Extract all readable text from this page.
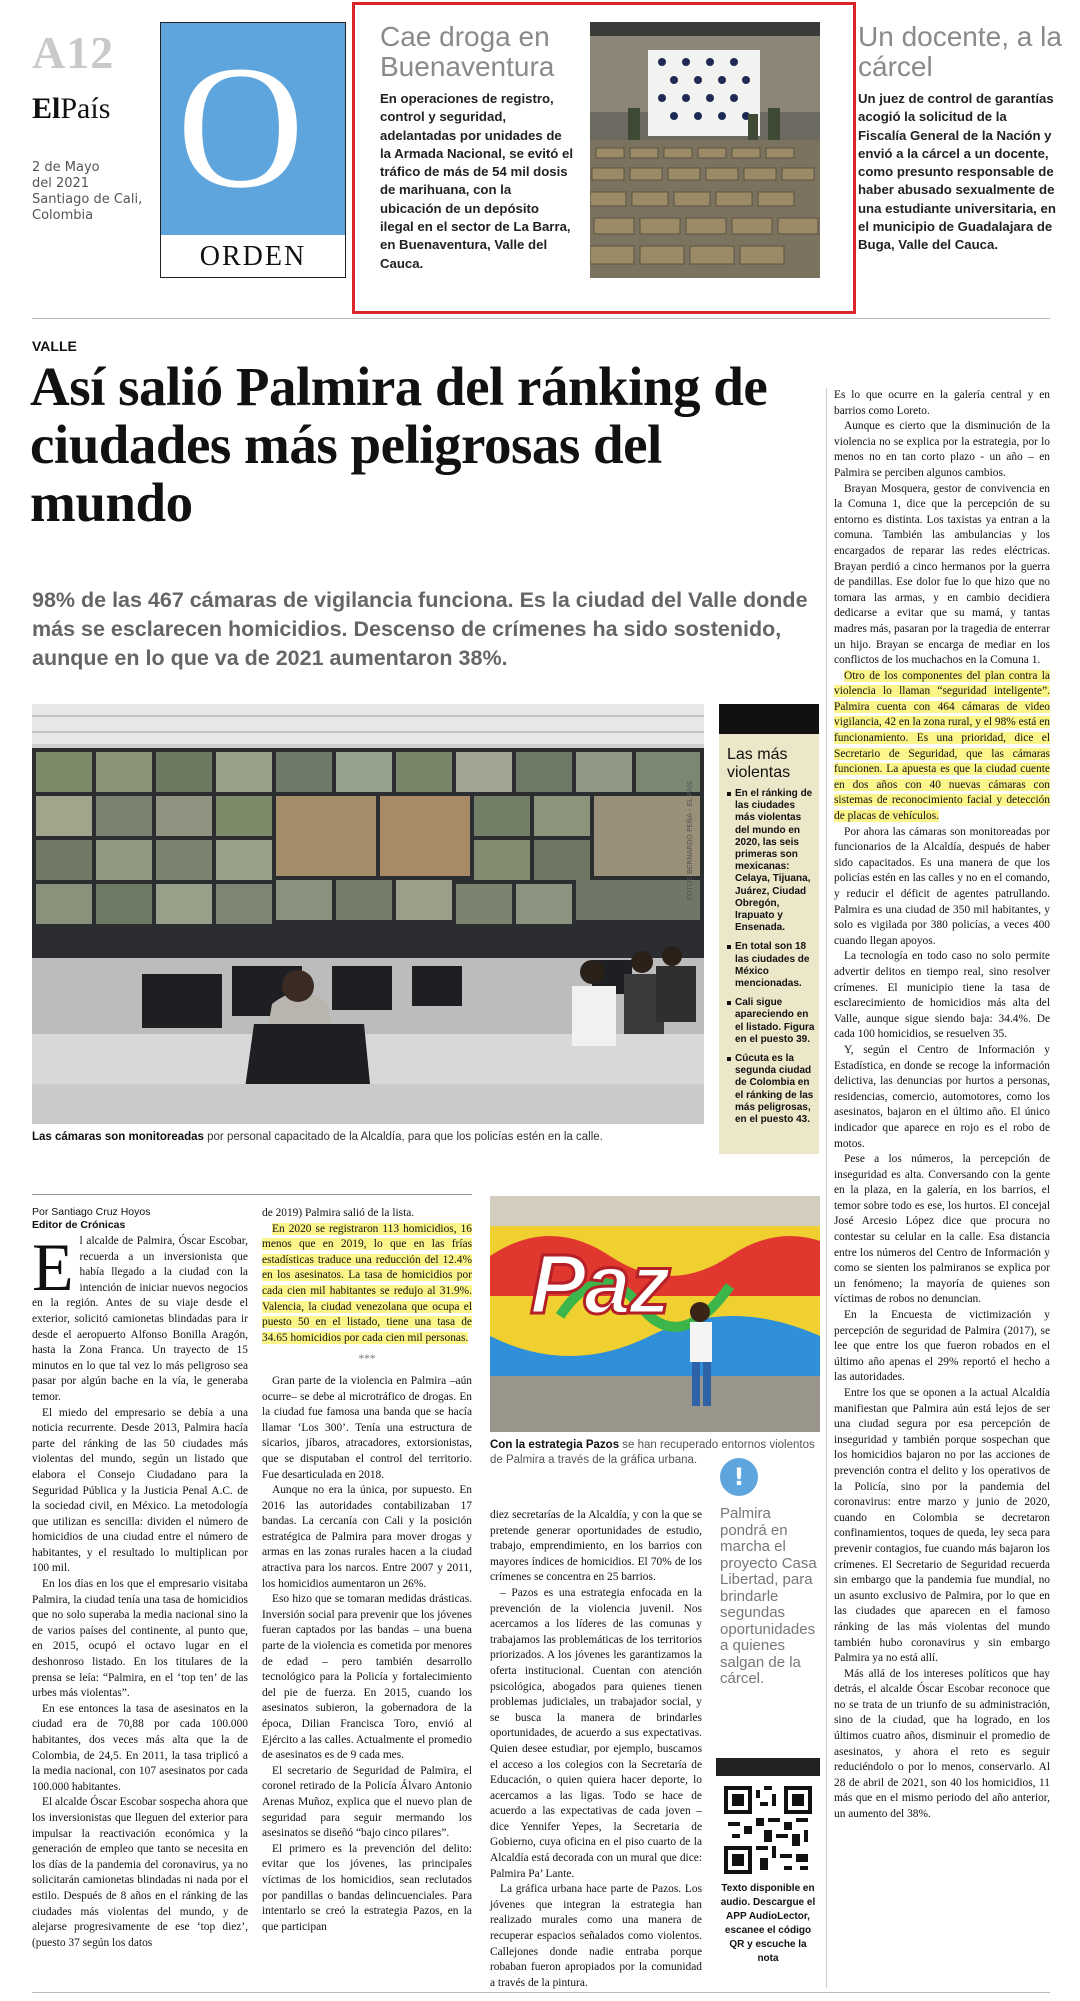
A12
ElPaís
2 de Mayo
del 2021
Santiago de Cali,
Colombia O
ORDEN
Cae droga en Buenaventura
En operaciones de registro, control y seguridad, adelantadas por unidades de la Armada Nacional, se evitó el tráfico de más de 54 mil dosis de marihuana, con la ubicación de un depósito ilegal en el sector de La Barra, en Buenaventura, Valle del Cauca.
Un docente, a la cárcel
Un juez de control de garantías acogió la solicitud de la Fiscalía General de la Nación y envió a la cárcel a un docente, como presunto responsable de haber abusado sexualmente de una estudiante universitaria, en el municipio de Guadalajara de Buga, Valle del Cauca.
VALLE
Así salió Palmira del ránking de ciudades más peligrosas del mundo
98% de las 467 cámaras de vigilancia funciona. Es la ciudad del Valle donde más se esclarecen homicidios. Descenso de crímenes ha sido sostenido, aunque en lo que va de 2021 aumentaron 38%.
FOTOS BERNARDO PEÑA - EL PAÍS
Las cámaras son monitoreadas por personal capacitado de la Alcaldía, para que los policías estén en la calle.
Las más violentas
En el ránking de las ciudades más violentas del mundo en 2020, las seis primeras son mexicanas: Celaya, Tijuana, Juárez, Ciudad Obregón, Irapuato y Ensenada.
En total son 18 las ciudades de México mencionadas.
Cali sigue apareciendo en el listado. Figura en el puesto 39.
Cúcuta es la segunda ciudad de Colombia en el ránking de las más peligrosas, en el puesto 43.
Por Santiago Cruz Hoyos
Editor de Crónicas

El alcalde de Palmira, Óscar Escobar, recuerda a un inversionista que había llegado a la ciudad con la intención de iniciar nuevos negocios en la región. Antes de su viaje desde el exterior, solicitó camionetas blindadas para ir desde el aeropuerto Alfonso Bonilla Aragón, hasta la Zona Franca. Un trayecto de 15 minutos en lo que tal vez lo más peligroso sea pasar por algún bache en la vía, le generaba temor.

El miedo del empresario se debía a una noticia recurrente. Desde 2013, Palmira hacía parte del ránking de las 50 ciudades más violentas del mundo, según un listado que elabora el Consejo Ciudadano para la Seguridad Pública y la Justicia Penal A.C. de la sociedad civil, en México. La metodología que utilizan es sencilla: dividen el número de homicidios de una ciudad entre el número de habitantes, y el resultado lo multiplican por 100 mil.

En los días en los que el empresario visitaba Palmira, la ciudad tenía una tasa de homicidios que no solo superaba la media nacional sino la de varios países del continente, al punto que, en 2015, ocupó el octavo lugar en el deshonroso listado. En los titulares de la prensa se leía: “Palmira, en el ‘top ten’ de las urbes más violentas”.

En ese entonces la tasa de asesinatos en la ciudad era de 70,88 por cada 100.000 habitantes, dos veces más alta que la de Colombia, de 24,5. En 2011, la tasa triplicó a la media nacional, con 107 asesinatos por cada 100.000 habitantes.

El alcalde Óscar Escobar sospecha ahora que los inversionistas que lleguen del exterior para impulsar la reactivación económica y la generación de empleo que tanto se necesita en los días de la pandemia del coronavirus, ya no solicitarán camionetas blindadas ni nada por el estilo. Después de 8 años en el ránking de las ciudades más violentas del mundo, y de alejarse progresivamente de ese ‘top diez’, (puesto 37 según los datos

de 2019) Palmira salió de la lista.

En 2020 se registraron 113 homicidios, 16 menos que en 2019, lo que en las frías estadísticas traduce una reducción del 12.4% en los asesinatos. La tasa de homicidios por cada cien mil habitantes se redujo al 31.9%. Valencia, la ciudad venezolana que ocupa el puesto 50 en el listado, tiene una tasa de 34.65 homicidios por cada cien mil personas.

***

Gran parte de la violencia en Palmira –aún ocurre– se debe al microtráfico de drogas. En la ciudad fue famosa una banda que se hacía llamar ‘Los 300’. Tenía una estructura de sicarios, jíbaros, atracadores, extorsionistas, que se disputaban el control del territorio. Fue desarticulada en 2018.

Aunque no era la única, por supuesto. En 2016 las autoridades contabilizaban 17 bandas. La cercanía con Cali y la posición estratégica de Palmira para mover drogas y armas en las zonas rurales hacen a la ciudad atractiva para los narcos. Entre 2007 y 2011, los homicidios aumentaron un 26%.

Eso hizo que se tomaran medidas drásticas. Inversión social para prevenir que los jóvenes fueran captados por las bandas – una buena parte de la violencia es cometida por menores de edad – pero también desarrollo tecnológico para la Policía y fortalecimiento del pie de fuerza. En 2015, cuando los asesinatos subieron, la gobernadora de la época, Dilian Francisca Toro, envió al Ejército a las calles. Actualmente el promedio de asesinatos es de 9 cada mes.

El secretario de Seguridad de Palmira, el coronel retirado de la Policía Álvaro Antonio Arenas Muñoz, explica que el nuevo plan de seguridad para seguir mermando los asesinatos se diseñó “bajo cinco pilares”.

El primero es la prevención del delito: evitar que los jóvenes, las principales víctimas de los homicidios, sean reclutados por pandillas o bandas delincuenciales. Para intentarlo se creó la estrategia Pazos, en la que participan

Paz
Con la estrategia Pazos se han recuperado entornos violentos de Palmira a través de la gráfica urbana.

diez secretarías de la Alcaldía, y con la que se pretende generar oportunidades de estudio, trabajo, emprendimiento, en los barrios con mayores índices de homicidios. El 70% de los crímenes se concentra en 25 barrios.

– Pazos es una estrategia enfocada en la prevención de la violencia juvenil. Nos acercamos a los líderes de las comunas y trabajamos las problemáticas de los territorios priorizados. A los jóvenes les garantizamos la oferta institucional. Cuentan con atención psicológica, abogados para quienes tienen problemas judiciales, un trabajador social, y se busca la manera de brindarles oportunidades, de acuerdo a sus expectativas. Quien desee estudiar, por ejemplo, buscamos el acceso a los colegios con la Secretaría de Educación, o quien quiera hacer deporte, lo acercamos a las ligas. Todo se hace de acuerdo a las expectativas de cada joven – dice Yennifer Yepes, la Secretaria de Gobierno, cuya oficina en el piso cuarto de la Alcaldía está decorada con un mural que dice: Palmira Pa’ Lante.

La gráfica urbana hace parte de Pazos. Los jóvenes que integran la estrategia han realizado murales como una manera de recuperar espacios señalados como violentos. Callejones donde nadie entraba porque robaban fueron apropiados por la comunidad a través de la pintura.

!
Palmira pondrá en marcha el proyecto Casa Libertad, para brindarle segundas oportunidades a quienes salgan de la cárcel.
Texto disponible en audio. Descargue el APP AudioLector, escanee el código QR y escuche la nota

Es lo que ocurre en la galería central y en barrios como Loreto.

Aunque es cierto que la disminución de la violencia no se explica por la estrategia, por lo menos no en tan corto plazo - un año – en Palmira se perciben algunos cambios.

Brayan Mosquera, gestor de convivencia en la Comuna 1, dice que la percepción de su entorno es distinta. Los taxistas ya entran a la comuna. También las ambulancias y los encargados de reparar las redes eléctricas. Brayan perdió a cinco hermanos por la guerra de pandillas. Ese dolor fue lo que hizo que no tomara las armas, y en cambio decidiera dedicarse a evitar que su mamá, y tantas madres más, pasaran por la tragedia de enterrar un hijo. Brayan se encarga de mediar en los conflictos de los muchachos en la Comuna 1.

Otro de los componentes del plan contra la violencia lo llaman “seguridad inteligente”. Palmira cuenta con 464 cámaras de video vigilancia, 42 en la zona rural, y el 98% está en funcionamiento. Es una prioridad, dice el Secretario de Seguridad, que las cámaras funcionen. La apuesta es que la ciudad cuente en dos años con 40 nuevas cámaras con sistemas de reconocimiento facial y detección de placas de vehículos.

Por ahora las cámaras son monitoreadas por funcionarios de la Alcaldía, después de haber sido capacitados. Es una manera de que los policías estén en las calles y no en el comando, y reducir el déficit de agentes patrullando. Palmira es una ciudad de 350 mil habitantes, y solo es vigilada por 380 policías, a veces 400 cuando llegan apoyos.

La tecnología en todo caso no solo permite advertir delitos en tiempo real, sino resolver crímenes. El municipio tiene la tasa de esclarecimiento de homicidios más alta del Valle, aunque sigue siendo baja: 34.4%. De cada 100 homicidios, se resuelven 35.

Y, según el Centro de Información y Estadística, en donde se recoge la información delictiva, las denuncias por hurtos a personas, residencias, comercio, automotores, como los asesinatos, bajaron en el último año. El único indicador que aparece en rojo es el robo de motos.

Pese a los números, la percepción de inseguridad es alta. Conversando con la gente en la plaza, en la galería, en los barrios, el temor sobre todo es ese, los hurtos. El concejal José Arcesio López dice que procura no contestar su celular en la calle. Esa distancia entre los números del Centro de Información y como se sienten los palmiranos se explica por un fenómeno; la mayoría de quienes son víctimas de robos no denuncian.

En la Encuesta de victimización y percepción de seguridad de Palmira (2017), se lee que entre los que fueron robados en el último año apenas el 29% reportó el hecho a las autoridades.

Entre los que se oponen a la actual Alcaldía manifiestan que Palmira aún está lejos de ser una ciudad segura por esa percepción de inseguridad y también porque sospechan que los homicidios bajaron no por las acciones de prevención contra el delito y los operativos de la Policía, sino por la pandemia del coronavirus: entre marzo y junio de 2020, cuando en Colombia se decretaron confinamientos, toques de queda, ley seca para prevenir contagios, fue cuando más bajaron los crímenes. El Secretario de Seguridad recuerda sin embargo que la pandemia fue mundial, no un asunto exclusivo de Palmira, por lo que en las ciudades que aparecen en el famoso ránking de las más violentas del mundo también hubo coronavirus y sin embargo Palmira ya no está allí.

Más allá de los intereses políticos que hay detrás, el alcalde Óscar Escobar reconoce que no se trata de un triunfo de su administración, sino de la ciudad, que ha logrado, en los últimos cuatro años, disminuir el promedio de asesinatos, y ahora el reto es seguir reduciéndolo o por lo menos, conservarlo. Al 28 de abril de 2021, son 40 los homicidios, 11 más que en el mismo periodo del año anterior, un aumento del 38%.
